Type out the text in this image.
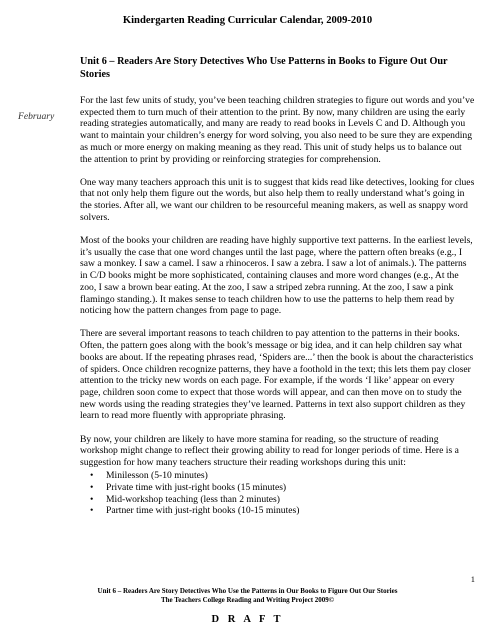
Kindergarten Reading Curricular Calendar, 2009-2010
Unit 6 – Readers Are Story Detectives Who Use Patterns in Books to Figure Out Our Stories
February

For the last few units of study, you’ve been teaching children strategies to figure out words and you’ve expected them to turn much of their attention to the print. By now, many children are using the early reading strategies automatically, and many are ready to read books in Levels C and D. Although you want to maintain your children’s energy for word solving, you also need to be sure they are expending as much or more energy on making meaning as they read. This unit of study helps us to balance out the attention to print by providing or reinforcing strategies for comprehension.

One way many teachers approach this unit is to suggest that kids read like detectives, looking for clues that not only help them figure out the words, but also help them to really understand what’s going in the stories. After all, we want our children to be resourceful meaning makers, as well as snappy word solvers.

Most of the books your children are reading have highly supportive text patterns. In the earliest levels, it’s usually the case that one word changes until the last page, where the pattern often breaks (e.g., I saw a monkey. I saw a camel. I saw a rhinoceros. I saw a zebra. I saw a lot of animals.). The patterns in C/D books might be more sophisticated, containing clauses and more word changes (e.g., At the zoo, I saw a brown bear eating. At the zoo, I saw a striped zebra running. At the zoo, I saw a pink flamingo standing.). It makes sense to teach children how to use the patterns to help them read by noticing how the pattern changes from page to page.

There are several important reasons to teach children to pay attention to the patterns in their books. Often, the pattern goes along with the book’s message or big idea, and it can help children say what books are about. If the repeating phrases read, ‘Spiders are...’ then the book is about the characteristics of spiders. Once children recognize patterns, they have a foothold in the text; this lets them pay closer attention to the tricky new words on each page. For example, if the words ‘I like’ appear on every page, children soon come to expect that those words will appear, and can then move on to study the new words using the reading strategies they’ve learned. Patterns in text also support children as they learn to read more fluently with appropriate phrasing.

By now, your children are likely to have more stamina for reading, so the structure of reading workshop might change to reflect their growing ability to read for longer periods of time. Here is a suggestion for how many teachers structure their reading workshops during this unit:

• Minilesson (5-10 minutes)
• Private time with just-right books (15 minutes)
• Mid-workshop teaching (less than 2 minutes)
• Partner time with just-right books (10-15 minutes)
1
Unit 6 – Readers Are Story Detectives Who Use the Patterns in Our Books to Figure Out Our Stories
The Teachers College Reading and Writing Project 2009©
D R A F T
